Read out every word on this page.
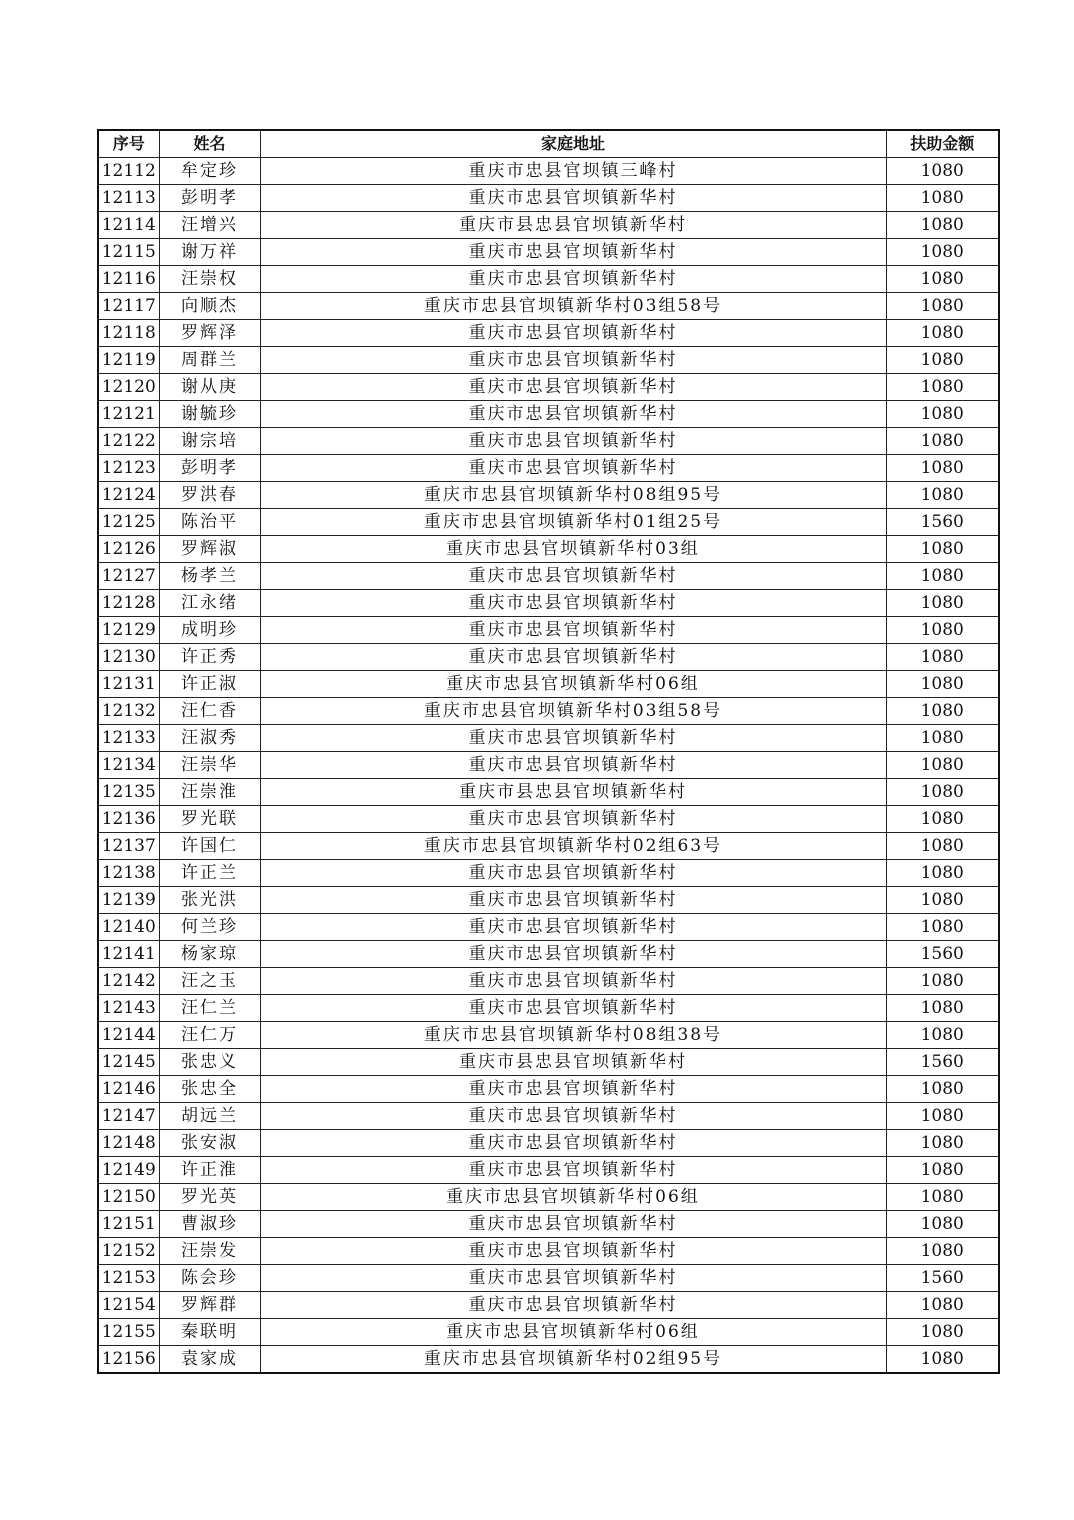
序号	姓名	家庭地址	扶助金额
12112	牟定珍	重庆市忠县官坝镇三峰村	1080
12113	彭明孝	重庆市忠县官坝镇新华村	1080
12114	汪增兴	重庆市县忠县官坝镇新华村	1080
12115	谢万祥	重庆市忠县官坝镇新华村	1080
12116	汪崇权	重庆市忠县官坝镇新华村	1080
12117	向顺杰	重庆市忠县官坝镇新华村03组58号	1080
12118	罗辉泽	重庆市忠县官坝镇新华村	1080
12119	周群兰	重庆市忠县官坝镇新华村	1080
12120	谢从庚	重庆市忠县官坝镇新华村	1080
12121	谢毓珍	重庆市忠县官坝镇新华村	1080
12122	谢宗培	重庆市忠县官坝镇新华村	1080
12123	彭明孝	重庆市忠县官坝镇新华村	1080
12124	罗洪春	重庆市忠县官坝镇新华村08组95号	1080
12125	陈治平	重庆市忠县官坝镇新华村01组25号	1560
12126	罗辉淑	重庆市忠县官坝镇新华村03组	1080
12127	杨孝兰	重庆市忠县官坝镇新华村	1080
12128	江永绪	重庆市忠县官坝镇新华村	1080
12129	成明珍	重庆市忠县官坝镇新华村	1080
12130	许正秀	重庆市忠县官坝镇新华村	1080
12131	许正淑	重庆市忠县官坝镇新华村06组	1080
12132	汪仁香	重庆市忠县官坝镇新华村03组58号	1080
12133	汪淑秀	重庆市忠县官坝镇新华村	1080
12134	汪崇华	重庆市忠县官坝镇新华村	1080
12135	汪崇淮	重庆市县忠县官坝镇新华村	1080
12136	罗光联	重庆市忠县官坝镇新华村	1080
12137	许国仁	重庆市忠县官坝镇新华村02组63号	1080
12138	许正兰	重庆市忠县官坝镇新华村	1080
12139	张光洪	重庆市忠县官坝镇新华村	1080
12140	何兰珍	重庆市忠县官坝镇新华村	1080
12141	杨家琼	重庆市忠县官坝镇新华村	1560
12142	汪之玉	重庆市忠县官坝镇新华村	1080
12143	汪仁兰	重庆市忠县官坝镇新华村	1080
12144	汪仁万	重庆市忠县官坝镇新华村08组38号	1080
12145	张忠义	重庆市县忠县官坝镇新华村	1560
12146	张忠全	重庆市忠县官坝镇新华村	1080
12147	胡远兰	重庆市忠县官坝镇新华村	1080
12148	张安淑	重庆市忠县官坝镇新华村	1080
12149	许正淮	重庆市忠县官坝镇新华村	1080
12150	罗光英	重庆市忠县官坝镇新华村06组	1080
12151	曹淑珍	重庆市忠县官坝镇新华村	1080
12152	汪崇发	重庆市忠县官坝镇新华村	1080
12153	陈会珍	重庆市忠县官坝镇新华村	1560
12154	罗辉群	重庆市忠县官坝镇新华村	1080
12155	秦联明	重庆市忠县官坝镇新华村06组	1080
12156	袁家成	重庆市忠县官坝镇新华村02组95号	1080
